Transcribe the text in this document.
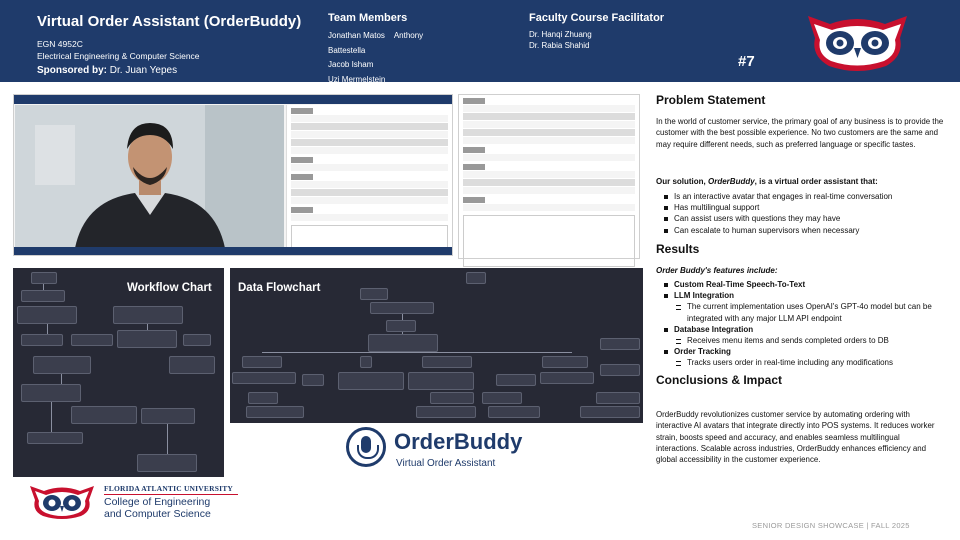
Virtual Order Assistant (OrderBuddy)
EGN 4952C
Electrical Engineering & Computer Science
Sponsored by: Dr. Juan Yepes
Team Members
Jonathan Matos Anthony Battestella
Jacob Isham
Uzi Mermelstein
Faculty Course Facilitator
Dr. Hanqi Zhuang
Dr. Rabia Shahid
#7
Workflow Chart Data Flowchart
OrderBuddy
Virtual Order Assistant
FLORIDA ATLANTIC UNIVERSITY
College of Engineering
and Computer Science
Problem Statement
In the world of customer service, the primary goal of any business is to provide the customer with the best possible experience. No two customers are the same and may require different needs, such as preferred language or specific tastes.
Our solution, OrderBuddy, is a virtual order assistant that:
Is an interactive avatar that engages in real-time conversation
Has multilingual support
Can assist users with questions they may have
Can escalate to human supervisors when necessary
Results
Order Buddy's features include:
Custom Real-Time Speech-To-Text
LLM Integration
The current implementation uses OpenAI's GPT-4o model but can be integrated with any major LLM API endpoint
Database Integration
Receives menu items and sends completed orders to DB
Order Tracking
Tracks users order in real-time including any modifications
Conclusions & Impact
OrderBuddy revolutionizes customer service by automating ordering with interactive AI avatars that integrate directly into POS systems. It reduces worker strain, boosts speed and accuracy, and enables seamless multilingual interactions. Scalable across industries, OrderBuddy enhances efficiency and global accessibility in the customer experience.
SENIOR DESIGN SHOWCASE | FALL 2025
